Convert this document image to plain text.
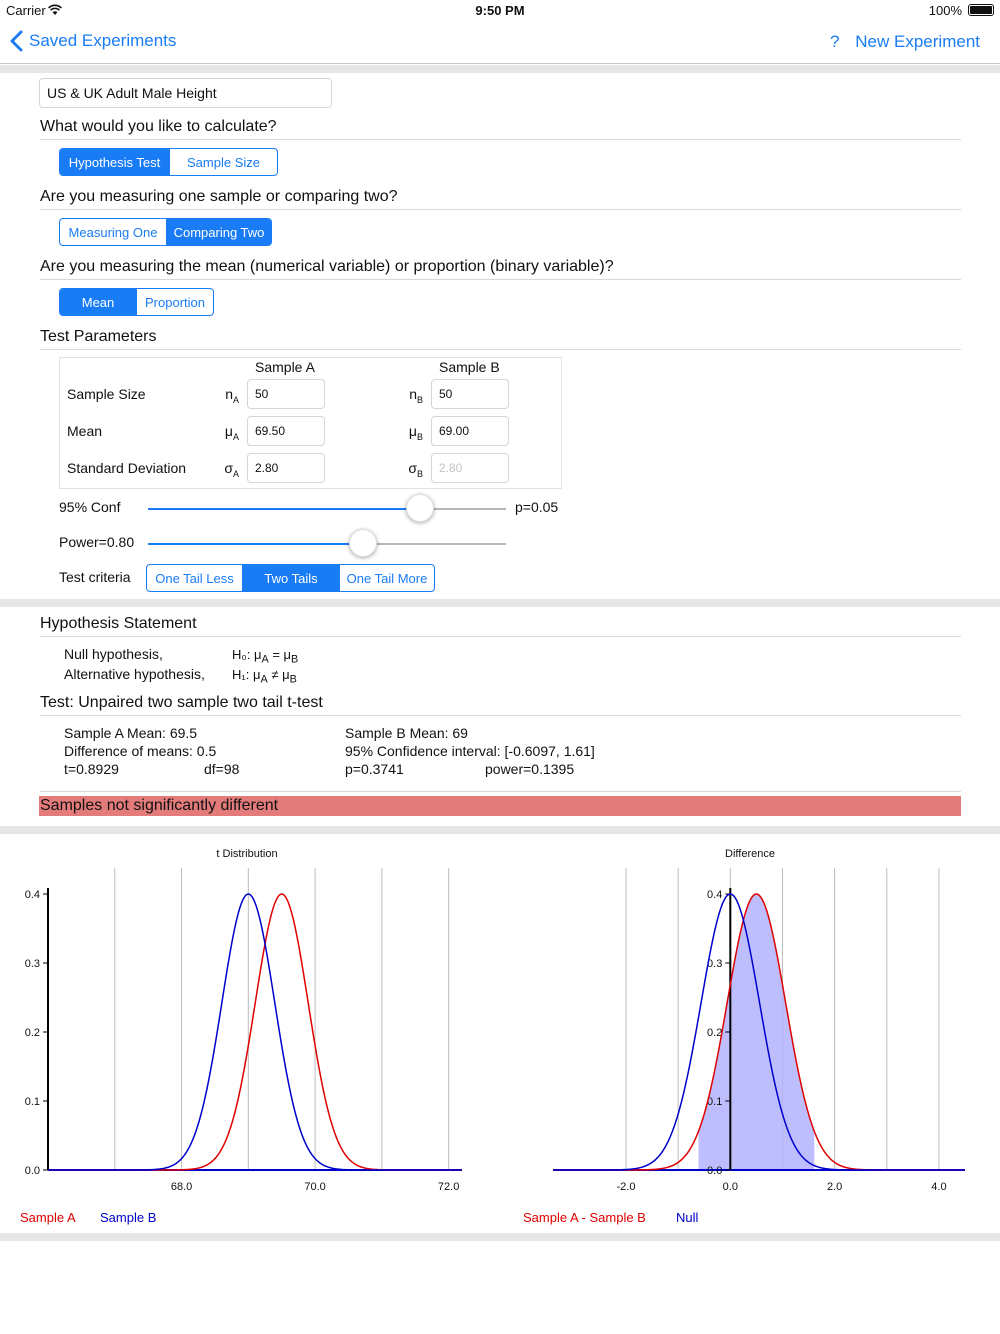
Carrier	9:50 PM	100%
Saved Experiments	? New Experiment
US & UK Adult Male Height
What would you like to calculate?
Hypothesis Test	Sample Size
Are you measuring one sample or comparing two?
Measuring One	Comparing Two
Are you measuring the mean (numerical variable) or proportion (binary variable)?
Mean	Proportion
Test Parameters
Sample A	Sample B
Sample Size	$n_A$	50	$n_B$	50
Mean	$\mu_A$	69.50	$\mu_B$	69.00
Standard Deviation	$\sigma_A$	2.80	$\sigma_B$	2.80
95% Conf	p=0.05
Power=0.80
Test criteria	One Tail Less	Two Tails	One Tail More
Hypothesis Statement
Null hypothesis,	H₀: $\mu_A = \mu_B$
Alternative hypothesis, H₁: $\mu_A \ne \mu_B$
Test: Unpaired two sample two tail t-test
Sample A Mean: 69.5	Sample B Mean: 69
Difference of means: 0.5	95% Confidence interval: [-0.6097, 1.61]
t=0.8929	df=98	p=0.3741	power=0.1395
Samples not significantly different
t Distribution
0.0
0.1
0.2
0.3
0.4
68.0	70.0	72.0
Sample A Sample B
Difference
0.0
0.1
0.2
0.3
0.4
-2.0	0.0	2.0	4.0
Sample A - Sample B Null
